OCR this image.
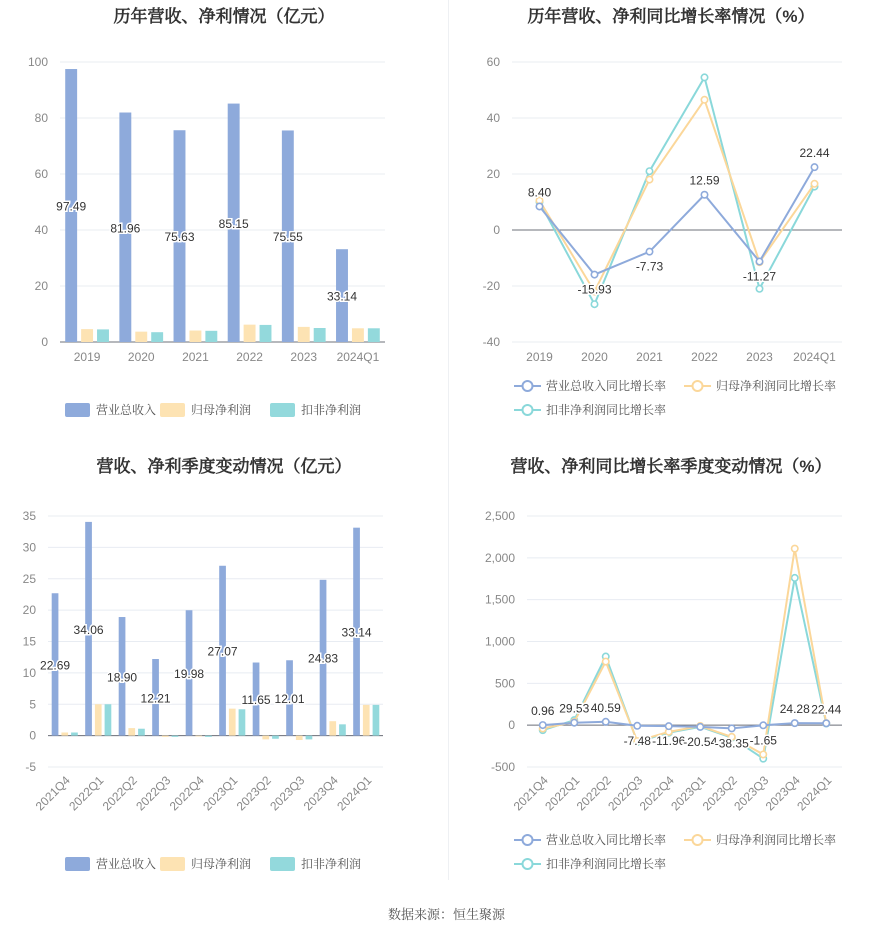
历年营收、净利情况（亿元）
0
20
40
60
80
100
2019 2020 2021 2022 2023 2024Q1
97.49
81.96
75.63
85.15
75.55
33.14
营业总收入	归母净利润	扣非净利润
历年营收、净利同比增长率情况（%）
-40
-20
0
20
40
60
2019 2020 2021 2022 2023 2024Q1
8.40
-15.93
-7.73
12.59
-11.27
22.44
营业总收入同比增长率	归母净利润同比增长率
扣非净利润同比增长率
营收、净利季度变动情况（亿元）
-5
0
5
10
15
20
25
30
35
2021Q4
2022Q1
2022Q2
2022Q3
2022Q4
2023Q1
2023Q2
2023Q3
2023Q4
2024Q1
22.69
34.06
18.90
12.21
19.98
27.07
11.65 12.01
24.83
33.14
营业总收入	归母净利润	扣非净利润
营收、净利同比增长率季度变动情况（%）
-500
0
500
1,000
1,500
2,000
2,500
2021Q4
2022Q1
2022Q2
2022Q3
2022Q4
2023Q1
2023Q2
2023Q3
2023Q4
2024Q1
0.96 29.53 40.59
-7.48 -11.96
-20.54
-38.35 -1.65
24.28 22.44
营业总收入同比增长率	归母净利润同比增长率
扣非净利润同比增长率
数据来源：恒生聚源
